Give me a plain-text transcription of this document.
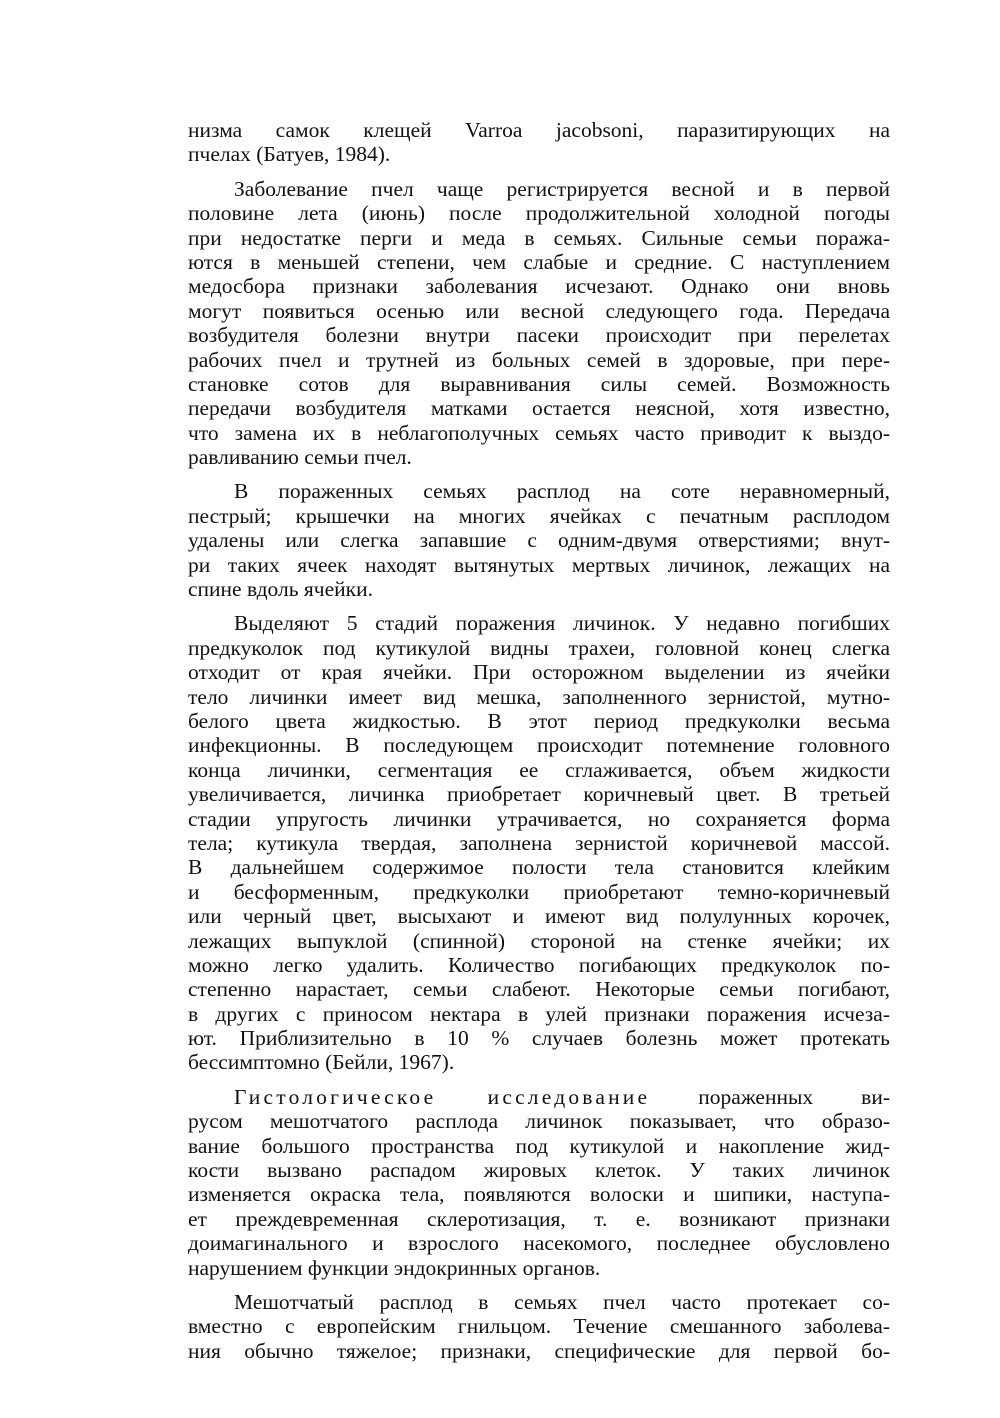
низма самок клещей Varroa jacobsoni, паразитирующих на
пчелах (Батуев, 1984).
Заболевание пчел чаще регистрируется весной и в первой
половине лета (июнь) после продолжительной холодной погоды
при недостатке перги и меда в семьях. Сильные семьи поража-
ются в меньшей степени, чем слабые и средние. С наступлением
медосбора признаки заболевания исчезают. Однако они вновь
могут появиться осенью или весной следующего года. Передача
возбудителя болезни внутри пасеки происходит при перелетах
рабочих пчел и трутней из больных семей в здоровые, при пере-
становке сотов для выравнивания силы семей. Возможность
передачи возбудителя матками остается неясной, хотя известно,
что замена их в неблагополучных семьях часто приводит к выздо-
равливанию семьи пчел.
В пораженных семьях расплод на соте неравномерный,
пестрый; крышечки на многих ячейках с печатным расплодом
удалены или слегка запавшие с одним-двумя отверстиями; внут-
ри таких ячеек находят вытянутых мертвых личинок, лежащих на
спине вдоль ячейки.
Выделяют 5 стадий поражения личинок. У недавно погибших
предкуколок под кутикулой видны трахеи, головной конец слегка
отходит от края ячейки. При осторожном выделении из ячейки
тело личинки имеет вид мешка, заполненного зернистой, мутно-
белого цвета жидкостью. В этот период предкуколки весьма
инфекционны. В последующем происходит потемнение головного
конца личинки, сегментация ее сглаживается, объем жидкости
увеличивается, личинка приобретает коричневый цвет. В третьей
стадии упругость личинки утрачивается, но сохраняется форма
тела; кутикула твердая, заполнена зернистой коричневой массой.
В дальнейшем содержимое полости тела становится клейким
и бесформенным, предкуколки приобретают темно-коричневый
или черный цвет, высыхают и имеют вид полулунных корочек,
лежащих выпуклой (спинной) стороной на стенке ячейки; их
можно легко удалить. Количество погибающих предкуколок по-
степенно нарастает, семьи слабеют. Некоторые семьи погибают,
в других с приносом нектара в улей признаки поражения исчеза-
ют. Приблизительно в 10 % случаев болезнь может протекать
бессимптомно (Бейли, 1967).
Гистологическое исследование пораженных ви-
русом мешотчатого расплода личинок показывает, что образо-
вание большого пространства под кутикулой и накопление жид-
кости вызвано распадом жировых клеток. У таких личинок
изменяется окраска тела, появляются волоски и шипики, наступа-
ет преждевременная склеротизация, т. е. возникают признаки
доимагинального и взрослого насекомого, последнее обусловлено
нарушением функции эндокринных органов.
Мешотчатый расплод в семьях пчел часто протекает со-
вместно с европейским гнильцом. Течение смешанного заболева-
ния обычно тяжелое; признаки, специфические для первой бо-
